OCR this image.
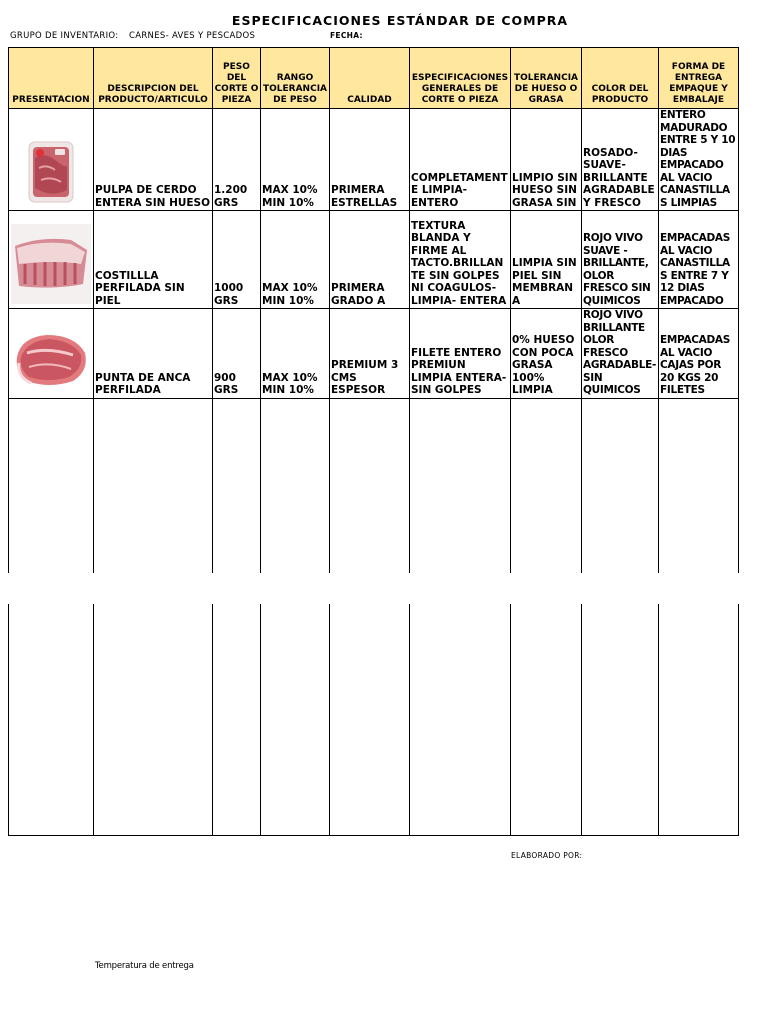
ESPECIFICACIONES ESTÁNDAR DE COMPRA
GRUPO DE INVENTARIO: CARNES- AVES Y PESCADOS	FECHA:
PRESENTACION	DESCRIPCION DEL PRODUCTO/ARTICULO	PESO DEL CORTE O PIEZA	RANGO TOLERANCIA DE PESO	CALIDAD	ESPECIFICACIONES GENERALES DE CORTE O PIEZA	TOLERANCIA DE HUESO O GRASA	COLOR DEL PRODUCTO	FORMA DE ENTREGA EMPAQUE Y EMBALAJE
	PULPA DE CERDO ENTERA SIN HUESO	1.200 GRS	MAX 10% MIN 10%	PRIMERA ESTRELLAS	COMPLETAMENTE LIMPIA-ENTERO	LIMPIO SIN HUESO SIN GRASA SIN	ROSADO-SUAVE-BRILLANTE AGRADABLE Y FRESCO	ENTERO MADURADO ENTRE 5 Y 10 DIAS EMPACADO AL VACIO CANASTILLAS LIMPIAS
	COSTILLLA PERFILADA SIN PIEL	1000 GRS	MAX 10% MIN 10%	PRIMERA GRADO A	TEXTURA BLANDA Y FIRME AL TACTO.BRILLANTE SIN GOLPES NI COAGULOS-LIMPIA- ENTERA	LIMPIA SIN PIEL SIN MEMBRANA	ROJO VIVO SUAVE -BRILLANTE, OLOR FRESCO SIN QUIMICOS	EMPACADAS AL VACIO CANASTILLAS ENTRE 7 Y 12 DIAS EMPACADO
	PUNTA DE ANCA PERFILADA	900 GRS	MAX 10% MIN 10%	PREMIUM 3 CMS ESPESOR	FILETE ENTERO PREMIUN LIMPIA ENTERA- SIN GOLPES	0% HUESO CON POCA GRASA 100% LIMPIA	ROJO VIVO BRILLANTE OLOR FRESCO AGRADABLE-SIN QUIMICOS	EMPACADAS AL VACIO CAJAS POR 20 KGS 20 FILETES

ELABORADO POR:
Temperatura de entrega
